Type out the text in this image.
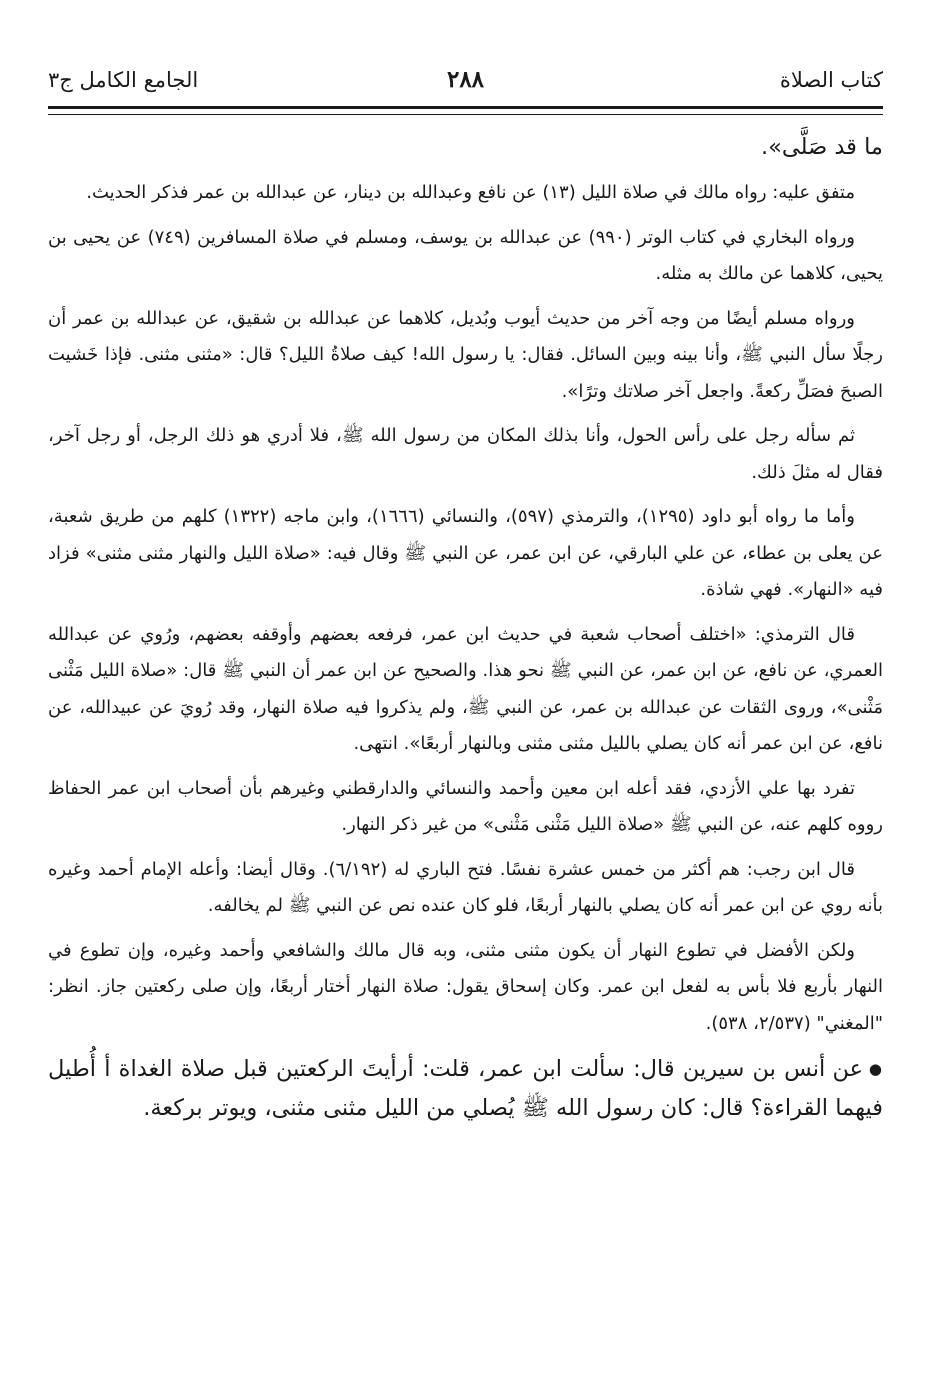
كتاب الصلاة
٢٨٨
الجامع الكامل ج٣

ما قد صَلَّى».

متفق عليه: رواه مالك في صلاة الليل (١٣) عن نافع وعبدالله بن دينار، عن عبدالله بن عمر فذكر الحديث.

ورواه البخاري في كتاب الوتر (٩٩٠) عن عبدالله بن يوسف، ومسلم في صلاة المسافرين (٧٤٩) عن يحيى بن يحيى، كلاهما عن مالك به مثله.

ورواه مسلم أيضًا من وجه آخر من حديث أيوب وبُديل، كلاهما عن عبدالله بن شقيق، عن عبدالله بن عمر أن رجلًا سأل النبي ﷺ، وأنا بينه وبين السائل. فقال: يا رسول الله! كيف صلاةُ الليل؟ قال: «مثنى مثنى. فإذا خَشيت الصبحَ فصَلِّ ركعةً. واجعل آخر صلاتك وترًا».

ثم سأله رجل على رأس الحول، وأنا بذلك المكان من رسول الله ﷺ، فلا أدري هو ذلك الرجل، أو رجل آخر، فقال له مثلَ ذلك.

وأما ما رواه أبو داود (١٢٩٥)، والترمذي (٥٩٧)، والنسائي (١٦٦٦)، وابن ماجه (١٣٢٢) كلهم من طريق شعبة، عن يعلى بن عطاء، عن علي البارقي، عن ابن عمر، عن النبي ﷺ وقال فيه: «صلاة الليل والنهار مثنى مثنى» فزاد فيه «النهار». فهي شاذة.

قال الترمذي: «اختلف أصحاب شعبة في حديث ابن عمر، فرفعه بعضهم وأوقفه بعضهم، ورُوي عن عبدالله العمري، عن نافع، عن ابن عمر، عن النبي ﷺ نحو هذا. والصحيح عن ابن عمر أن النبي ﷺ قال: «صلاة الليل مَثْنى مَثْنى»، وروى الثقات عن عبدالله بن عمر، عن النبي ﷺ، ولم يذكروا فيه صلاة النهار، وقد رُويَ عن عبيدالله، عن نافع، عن ابن عمر أنه كان يصلي بالليل مثنى مثنى وبالنهار أربعًا». انتهى.

تفرد بها علي الأزدي، فقد أعله ابن معين وأحمد والنسائي والدارقطني وغيرهم بأن أصحاب ابن عمر الحفاظ رووه كلهم عنه، عن النبي ﷺ «صلاة الليل مَثْنى مَثْنى» من غير ذكر النهار.

قال ابن رجب: هم أكثر من خمس عشرة نفسًا. فتح الباري له (٦/١٩٢). وقال أيضا: وأعله الإمام أحمد وغيره بأنه روي عن ابن عمر أنه كان يصلي بالنهار أربعًا، فلو كان عنده نص عن النبي ﷺ لم يخالفه.

ولكن الأفضل في تطوع النهار أن يكون مثنى مثنى، وبه قال مالك والشافعي وأحمد وغيره، وإن تطوع في النهار بأربع فلا بأس به لفعل ابن عمر. وكان إسحاق يقول: صلاة النهار أختار أربعًا، وإن صلى ركعتين جاز. انظر: "المغني" (٢/٥٣٧، ٥٣٨).

● عن أنس بن سيرين قال: سألت ابن عمر، قلت: أرأيتَ الركعتين قبل صلاة الغداة أ أُطيل فيهما القراءة؟ قال: كان رسول الله ﷺ يُصلي من الليل مثنى مثنى، ويوتر بركعة.
